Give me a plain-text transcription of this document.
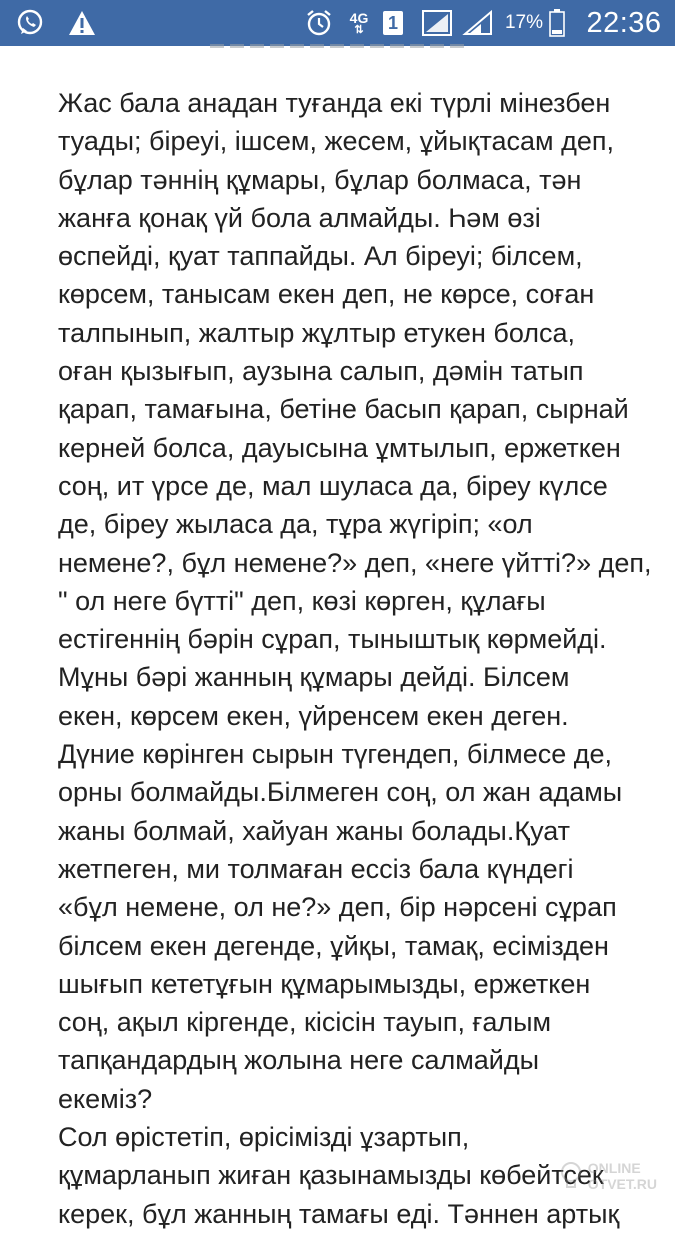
4G
⇅ 1	17% 22:36
Жас бала анадан туғанда екі түрлі мінезбен
туады; біреуі, ішсем, жесем, ұйықтасам деп,
бұлар тәннің құмары, бұлар болмаса, тән
жанға қонақ үй бола алмайды. Һәм өзі
өспейді, қуат таппайды. Ал біреуі; білсем,
көрсем, танысам екен деп, не көрсе, соған
талпынып, жалтыр жұлтыр етукен болса,
оған қызығып, аузына салып, дәмін татып
қарап, тамағына, бетіне басып қарап, сырнай
керней болса, дауысына ұмтылып, ержеткен
соң, ит үрсе де, мал шуласа да, біреу күлсе
де, біреу жыласа да, тұра жүгіріп; «ол
немене?, бұл немене?» деп, «неге үйтті?» деп,
" ол неге бүтті" деп, көзі көрген, құлағы
естігеннің бәрін сұрап, тыныштық көрмейді.
Мұны бәрі жанның құмары дейді. Білсем
екен, көрсем екен, үйренсем екен деген.
Дүние көрінген сырын түгендеп, білмесе де,
орны болмайды.Білмеген соң, ол жан адамы
жаны болмай, хайуан жаны болады.Қуат
жетпеген, ми толмаған ессіз бала күндегі
«бұл немене, ол не?» деп, бір нәрсені сұрап
білсем екен дегенде, ұйқы, тамақ, есімізден
шығып кететұғын құмарымызды, ержеткен
соң, ақыл кіргенде, кісісін тауып, ғалым
тапқандардың жолына неге салмайды
екеміз?
Сол өрістетіп, өрісімізді ұзартып,
құмарланып жиған қазынамызды көбейтсек
керек, бұл жанның тамағы еді. Тәннен артық
ONLINE
OTVET.RU
